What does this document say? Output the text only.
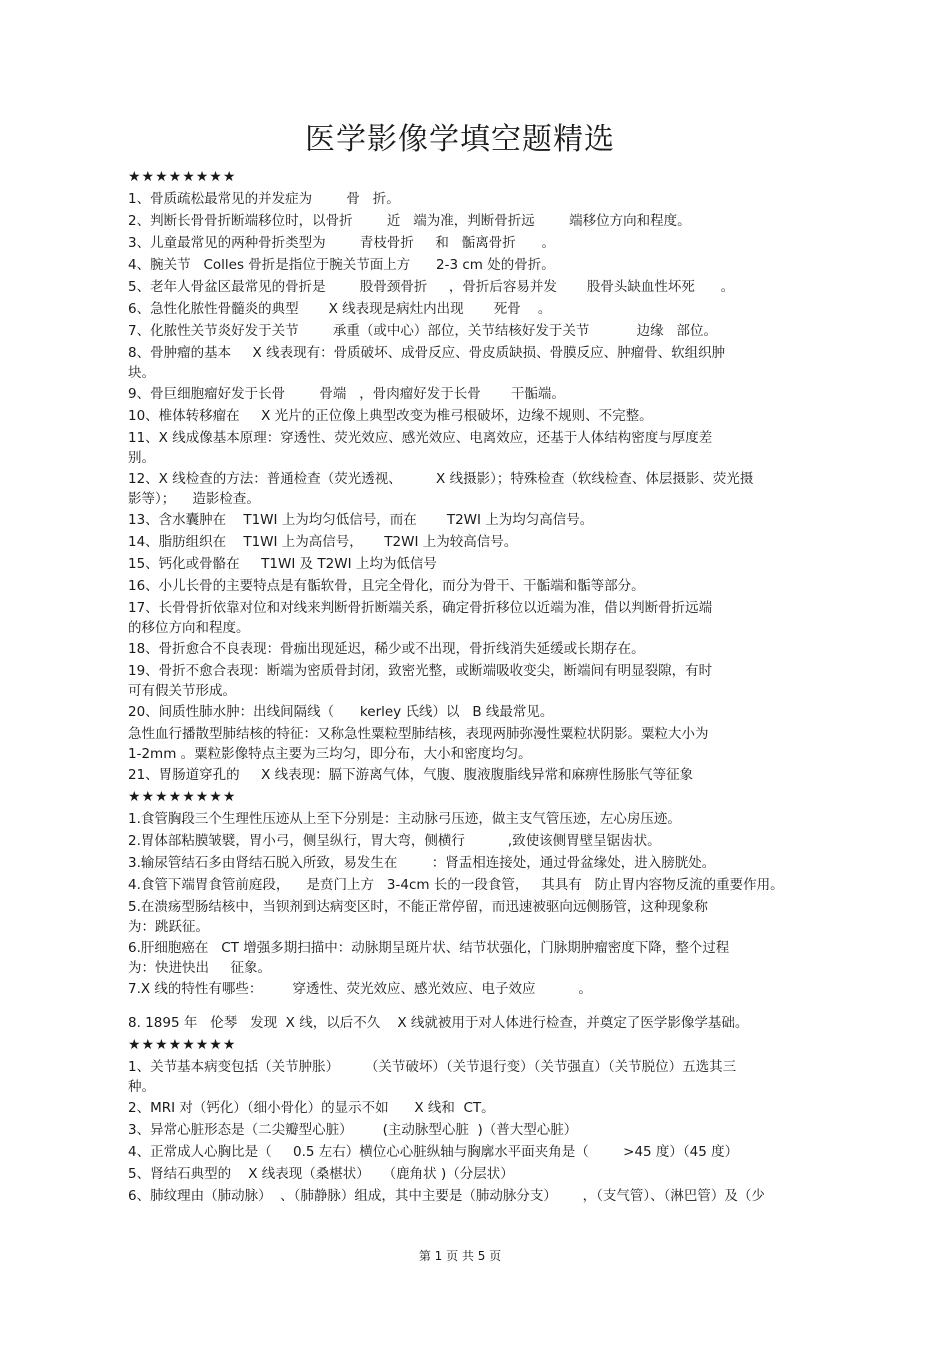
医学影像学填空题精选
★★★★★★★★
1、骨质疏松最常见的并发症为        骨   折。
2、判断长骨骨折断端移位时，以骨折        近   端为准，判断骨折远        端移位方向和程度。
3、儿童最常见的两种骨折类型为        青枝骨折     和   骺离骨折      。
4、腕关节   Colles 骨折是指位于腕关节面上方      2-3 cm 处的骨折。
5、老年人骨盆区最常见的骨折是        股骨颈骨折     ，骨折后容易并发       股骨头缺血性坏死      。
6、急性化脓性骨髓炎的典型       X 线表现是病灶内出现       死骨    。
7、化脓性关节炎好发于关节        承重（或中心）部位，关节结核好发于关节           边缘   部位。
8、骨肿瘤的基本     X 线表现有：骨质破坏、成骨反应、骨皮质缺损、骨膜反应、肿瘤骨、软组织肿
块。
9、骨巨细胞瘤好发于长骨        骨端   ，骨肉瘤好发于长骨       干骺端。
10、椎体转移瘤在     X 光片的正位像上典型改变为椎弓根破坏，边缘不规则、不完整。
11、X 线成像基本原理：穿透性、荧光效应、感光效应、电离效应，还基于人体结构密度与厚度差
别。
12、X 线检查的方法：普通检查（荧光透视、        X 线摄影）；特殊检查（软线检查、体层摄影、荧光摄
影等）；    造影检查。
13、含水囊肿在    T1WI 上为均匀低信号，而在       T2WI 上为均匀高信号。
14、脂肪组织在    T1WI 上为高信号，     T2WI 上为较高信号。
15、钙化或骨骼在     T1WI 及 T2WI 上均为低信号
16、小儿长骨的主要特点是有骺软骨，且完全骨化，而分为骨干、干骺端和骺等部分。
17、长骨骨折依靠对位和对线来判断骨折断端关系，确定骨折移位以近端为准，借以判断骨折远端
的移位方向和程度。
18、骨折愈合不良表现：骨痂出现延迟，稀少或不出现，骨折线消失延缓或长期存在。
19、骨折不愈合表现：断端为密质骨封闭，致密光整，或断端吸收变尖，断端间有明显裂隙，有时
可有假关节形成。
20、间质性肺水肿：出线间隔线（      kerley 氏线）以   B 线最常见。
急性血行播散型肺结核的特征：又称急性粟粒型肺结核，表现两肺弥漫性粟粒状阴影。粟粒大小为
1-2mm 。粟粒影像特点主要为三均匀，即分布，大小和密度均匀。
21、胃肠道穿孔的     X 线表现：膈下游离气体，气腹、腹液腹脂线异常和麻痹性肠胀气等征象
★★★★★★★★
1.食管胸段三个生理性压迹从上至下分别是：主动脉弓压迹，做主支气管压迹，左心房压迹。
2.胃体部粘膜皱襞，胃小弓，侧呈纵行，胃大弯，侧横行          ,致使该侧胃壁呈锯齿状。
3.输尿管结石多由肾结石脱入所致，易发生在        ：肾盂相连接处，通过骨盆缘处，进入膀胱处。
4.食管下端胃食管前庭段，    是贲门上方   3-4cm 长的一段食管，   其具有   防止胃内容物反流的重要作用。
5.在溃疡型肠结核中，当钡剂到达病变区时，不能正常停留，而迅速被驱向远侧肠管，这种现象称
为：跳跃征。
6.肝细胞癌在   CT 增强多期扫描中：动脉期呈斑片状、结节状强化，门脉期肿瘤密度下降，整个过程
为：快进快出     征象。
7.X 线的特性有哪些：       穿透性、荧光效应、感光效应、电子效应          。
8. 1895 年   伦琴   发现  X 线，以后不久    X 线就被用于对人体进行检查，并奠定了医学影像学基础。
★★★★★★★★
1、关节基本病变包括（关节肿胀）      （关节破坏）（关节退行变）（关节强直）（关节脱位）五选其三
种。
2、MRI 对（钙化）（细小骨化）的显示不如      X 线和  CT。
3、异常心脏形态是（二尖瓣型心脏）       (主动脉型心脏  )（普大型心脏）
4、正常成人心胸比是（     0.5 左右）横位心心脏纵轴与胸廓水平面夹角是（        >45 度）（45 度）
5、肾结石典型的    X 线表现（桑椹状）   （鹿角状 )（分层状）
6、肺纹理由（肺动脉）  、（肺静脉）组成，其中主要是（肺动脉分支）      ，（支气管）、（淋巴管）及（少
第 1 页 共 5 页
